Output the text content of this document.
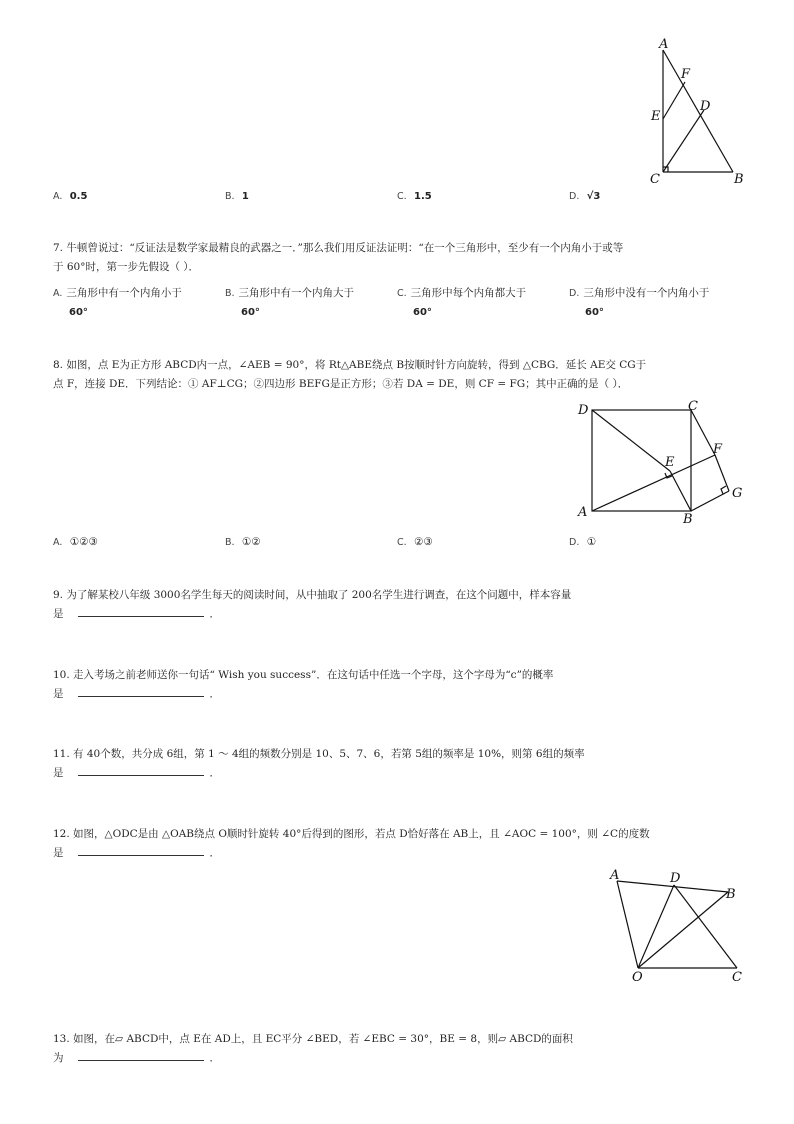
A
F
E
D
C	B
A. 0.5	B. 1	C. 1.5	D. √3
7. 牛顿曾说过：“反证法是数学家最精良的武器之一．”那么我们用反证法证明：“在一个三角形中，至少有一个内角小于或等
于 60°时，第一步先假设（ ）．
A. 三角形中有一个内角小于
60°
B. 三角形中有一个内角大于
60°
C. 三角形中每个内角都大于
60°
D. 三角形中没有一个内角小于
60°
8. 如图，点 E为正方形 ABCD内一点，∠AEB = 90°，将 Rt△ABE绕点 B按顺时针方向旋转，得到 △CBG．延长 AE交 CG于
点 F，连接 DE．下列结论：① AF⊥CG；②四边形 BEFG是正方形；③若 DA = DE，则 CF = FG；其中正确的是（ ）．
D	C
F
E
G
A	B
A. ①②③	B. ①②	C. ②③	D. ①
9. 为了解某校八年级 3000名学生每天的阅读时间，从中抽取了 200名学生进行调查，在这个问题中，样本容量
是	．
10. 走入考场之前老师送你一句话“ Wish you success”．在这句话中任选一个字母，这个字母为“c”的概率
是	．
11. 有 40个数，共分成 6组，第 1 ～ 4组的频数分别是 10、5、7、6，若第 5组的频率是 10%，则第 6组的频率
是	．
12. 如图，△ODC是由 △OAB绕点 O顺时针旋转 40°后得到的图形，若点 D恰好落在 AB上，且 ∠AOC = 100°，则 ∠C的度数
是	．
A	D
B
O	C
13. 如图，在▱ ABCD中，点 E在 AD上，且 EC平分 ∠BED，若 ∠EBC = 30°，BE = 8，则▱ ABCD的面积
为	．
